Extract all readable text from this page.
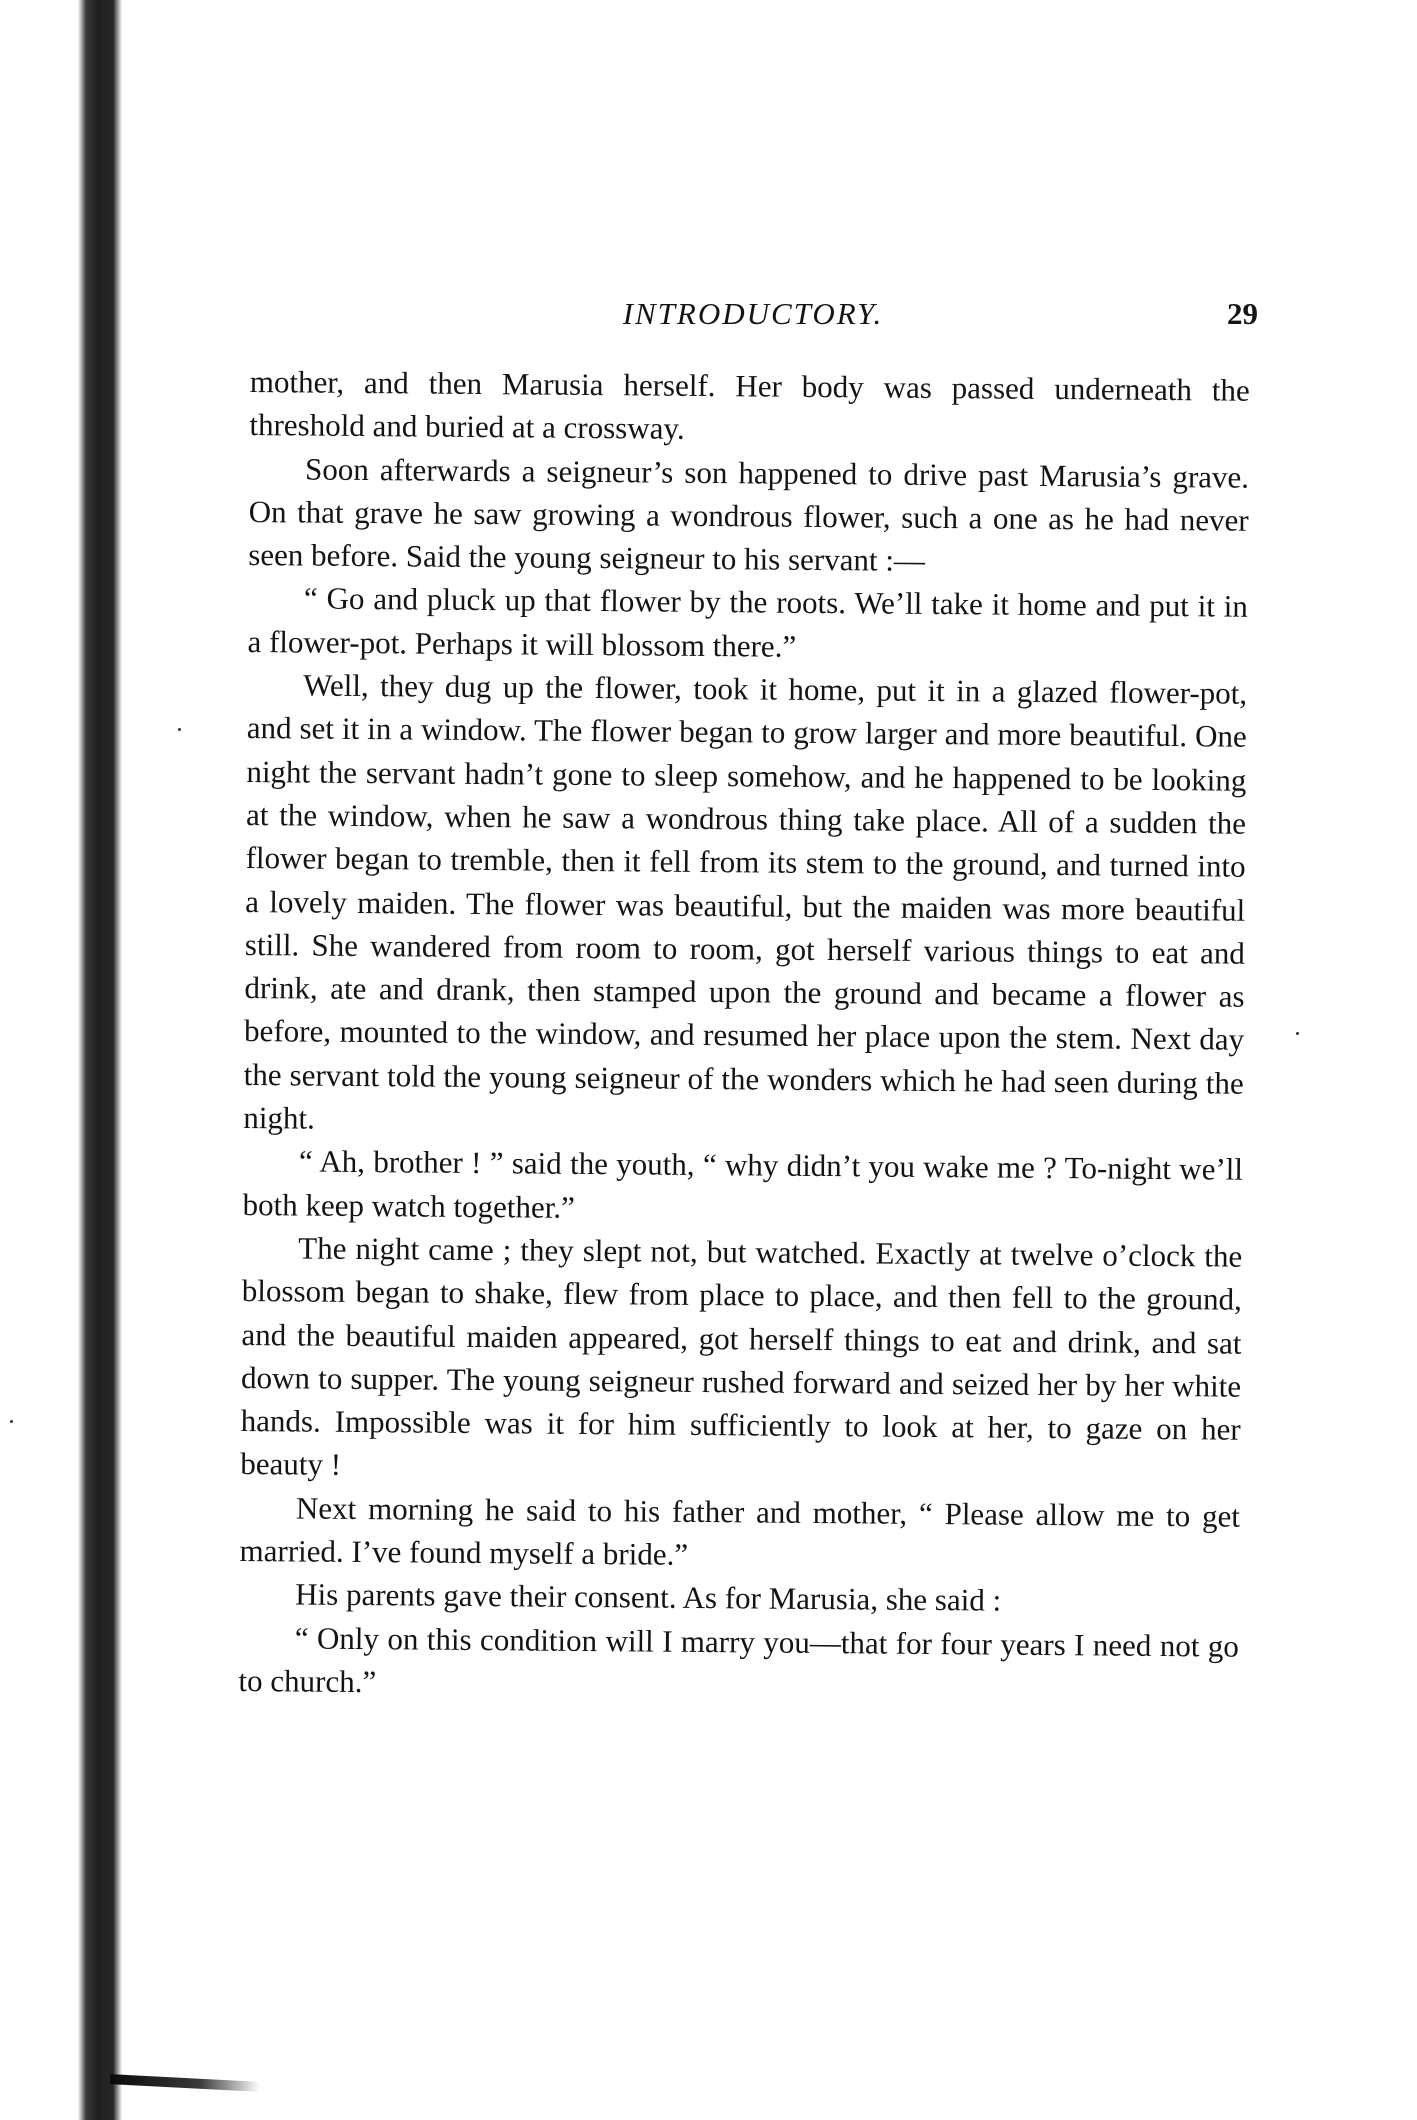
INTRODUCTORY.	29

mother, and then Marusia herself. Her body was passed underneath the threshold and buried at a crossway.

Soon afterwards a seigneur’s son happened to drive past Marusia’s grave. On that grave he saw growing a wondrous flower, such a one as he had never seen before. Said the young seigneur to his servant :—

“ Go and pluck up that flower by the roots. We’ll take it home and put it in a flower-pot. Perhaps it will blossom there.”

Well, they dug up the flower, took it home, put it in a glazed flower-pot, and set it in a window. The flower began to grow larger and more beautiful. One night the servant hadn’t gone to sleep somehow, and he happened to be looking at the window, when he saw a wondrous thing take place. All of a sudden the flower began to tremble, then it fell from its stem to the ground, and turned into a lovely maiden. The flower was beautiful, but the maiden was more beautiful still. She wandered from room to room, got herself various things to eat and drink, ate and drank, then stamped upon the ground and became a flower as before, mounted to the window, and resumed her place upon the stem. Next day the servant told the young seigneur of the wonders which he had seen during the night.

“ Ah, brother ! ” said the youth, “ why didn’t you wake me ? To-night we’ll both keep watch together.”

The night came ; they slept not, but watched. Exactly at twelve o’clock the blossom began to shake, flew from place to place, and then fell to the ground, and the beautiful maiden appeared, got herself things to eat and drink, and sat down to supper. The young seigneur rushed forward and seized her by her white hands. Impossible was it for him sufficiently to look at her, to gaze on her beauty !

Next morning he said to his father and mother, “ Please allow me to get married. I’ve found myself a bride.”

His parents gave their consent. As for Marusia, she said :

“ Only on this condition will I marry you—that for four years I need not go to church.”
